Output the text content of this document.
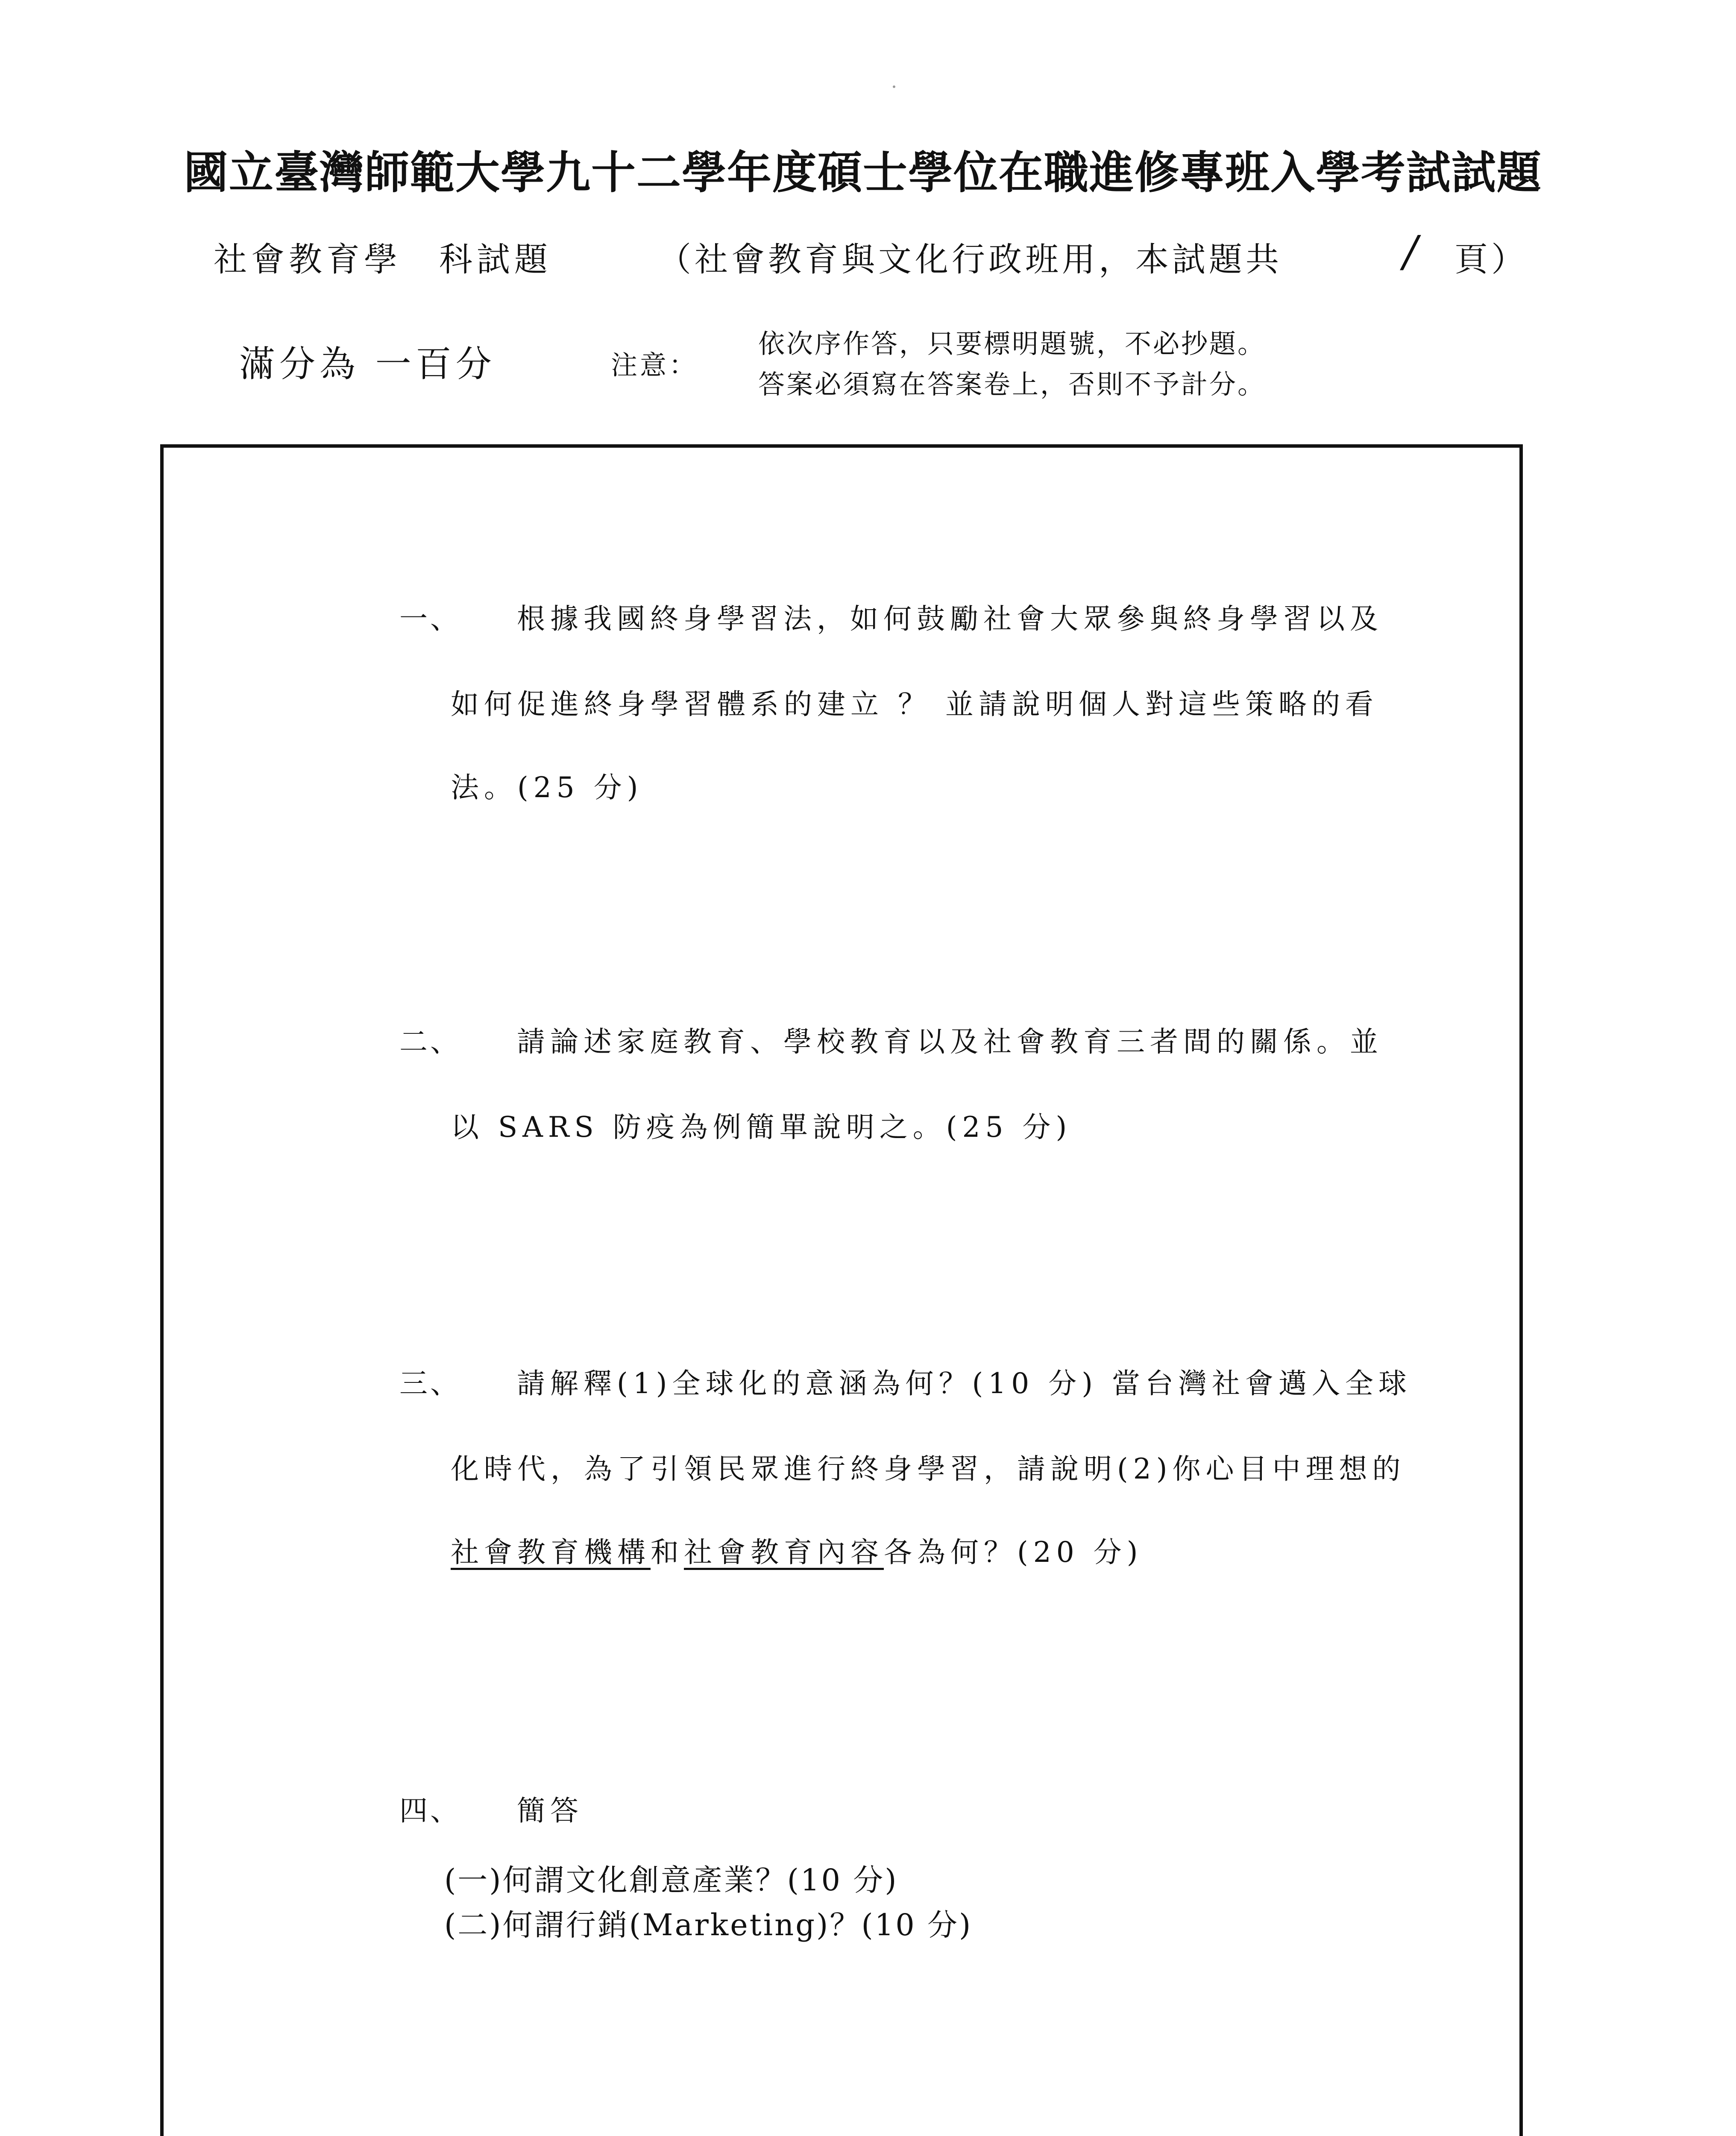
國立臺灣師範大學九十二學年度碩士學位在職進修專班入學考試試題
社會教育學　科試題	（社會教育與文化行政班用，本試題共	/ 頁）
滿分為 一百分	注意：
依次序作答，只要標明題號，不必抄題。
答案必須寫在答案卷上，否則不予計分。
一、 根據我國終身學習法，如何鼓勵社會大眾參與終身學習以及
如何促進終身學習體系的建立 ？ 並請說明個人對這些策略的看
法。(25 分)
二、 請論述家庭教育、學校教育以及社會教育三者間的關係。並
以 SARS 防疫為例簡單說明之。(25 分)
三、 請解釋(1)全球化的意涵為何？(10 分) 當台灣社會邁入全球
化時代，為了引領民眾進行終身學習，請說明(2)你心目中理想的
社會教育機構和社會教育內容各為何？(20 分)
四、 簡答
(一)何謂文化創意產業？(10 分)
(二)何謂行銷(Marketing)？(10 分)
